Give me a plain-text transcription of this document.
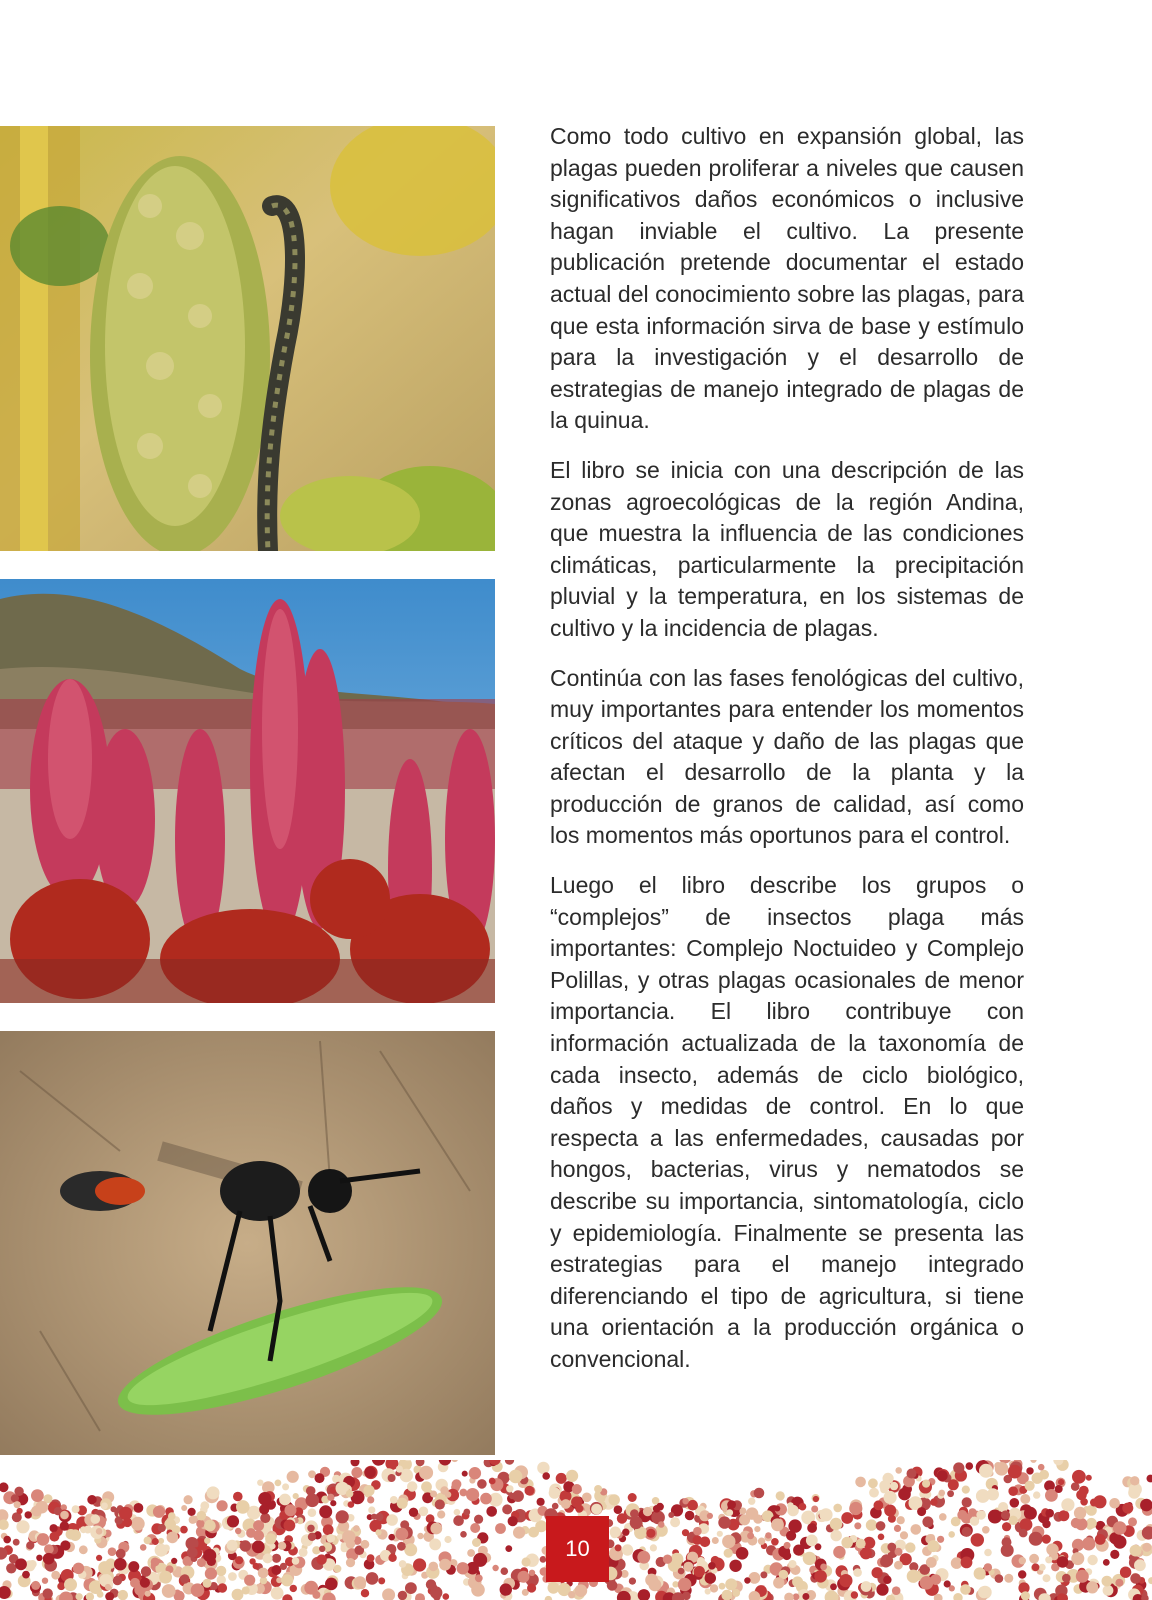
Como todo cultivo en expansión global, las plagas pueden proliferar a niveles que causen significativos daños económicos o inclusive hagan inviable el cultivo. La presente publicación pretende documentar el estado actual del conocimiento sobre las plagas, para que esta información sirva de base y estímulo para la investigación y el desarrollo de estrategias de manejo integrado de plagas de la quinua.

El libro se inicia con una descripción de las zonas agroecológicas de la región Andina, que muestra la influencia de las condiciones climáticas, particularmente la precipitación pluvial y la temperatura, en los sistemas de cultivo y la incidencia de plagas.

Continúa con las fases fenológicas del cultivo, muy importantes para entender los momentos críticos del ataque y daño de las plagas que afectan el desarrollo de la planta y la producción de granos de calidad, así como los momentos más oportunos para el control.

Luego el libro describe los grupos o “complejos” de insectos plaga más importantes: Complejo Noctuideo y Complejo Polillas, y otras plagas ocasionales de menor importancia. El libro contribuye con información actualizada de la taxonomía de cada insecto, además de ciclo biológico, daños y medidas de control. En lo que respecta a las enfermedades, causadas por hongos, bacterias, virus y nematodos se describe su importancia, sintomatología, ciclo y epidemiología. Finalmente se presenta las estrategias para el manejo integrado diferenciando el tipo de agricultura, si tiene una orientación a la producción orgánica o convencional.

10
